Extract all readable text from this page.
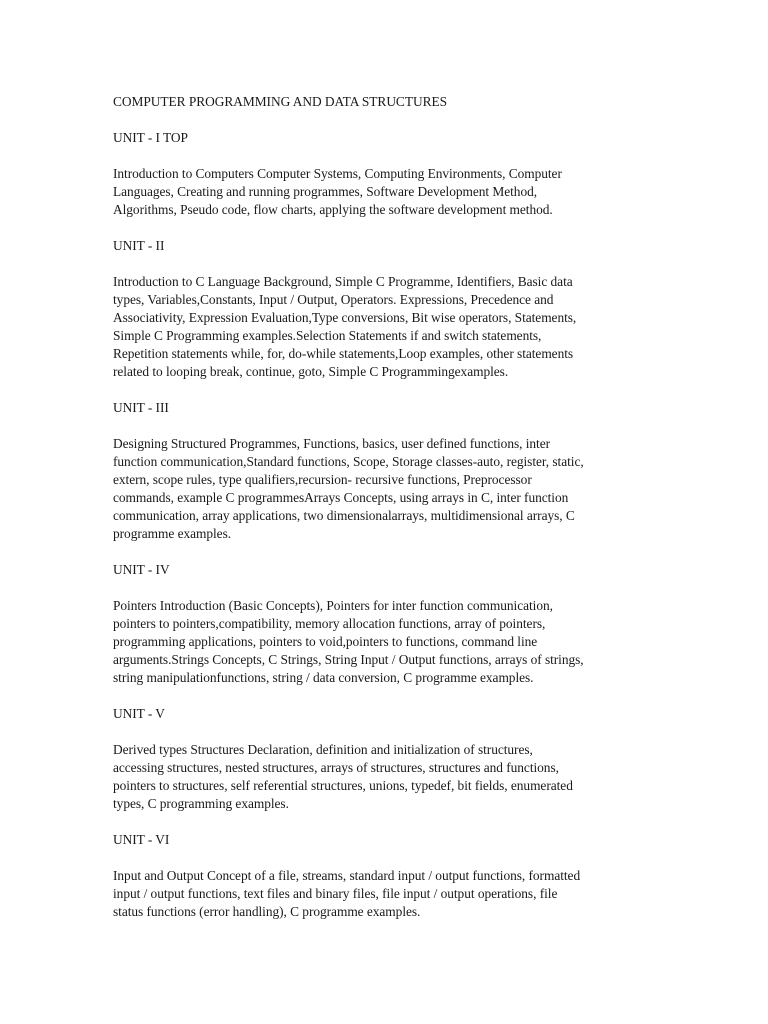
COMPUTER PROGRAMMING AND DATA STRUCTURES
UNIT - I TOP

Introduction to Computers Computer Systems, Computing Environments, Computer
Languages, Creating and running programmes, Software Development Method,
Algorithms, Pseudo code, flow charts, applying the software development method.

UNIT - II

Introduction to C Language Background, Simple C Programme, Identifiers, Basic data
types, Variables,Constants, Input / Output, Operators. Expressions, Precedence and
Associativity, Expression Evaluation,Type conversions, Bit wise operators, Statements,
Simple C Programming examples.Selection Statements if and switch statements,
Repetition statements while, for, do-while statements,Loop examples, other statements
related to looping break, continue, goto, Simple C Programmingexamples.

UNIT - III

Designing Structured Programmes, Functions, basics, user defined functions, inter
function communication,Standard functions, Scope, Storage classes-auto, register, static,
extern, scope rules, type qualifiers,recursion- recursive functions, Preprocessor
commands, example C programmesArrays Concepts, using arrays in C, inter function
communication, array applications, two dimensionalarrays, multidimensional arrays, C
programme examples.

UNIT - IV

Pointers Introduction (Basic Concepts), Pointers for inter function communication,
pointers to pointers,compatibility, memory allocation functions, array of pointers,
programming applications, pointers to void,pointers to functions, command line
arguments.Strings Concepts, C Strings, String Input / Output functions, arrays of strings,
string manipulationfunctions, string / data conversion, C programme examples.

UNIT - V

Derived types Structures Declaration, definition and initialization of structures,
accessing structures, nested structures, arrays of structures, structures and functions,
pointers to structures, self referential structures, unions, typedef, bit fields, enumerated
types, C programming examples.

UNIT - VI

Input and Output Concept of a file, streams, standard input / output functions, formatted
input / output functions, text files and binary files, file input / output operations, file
status functions (error handling), C programme examples.
